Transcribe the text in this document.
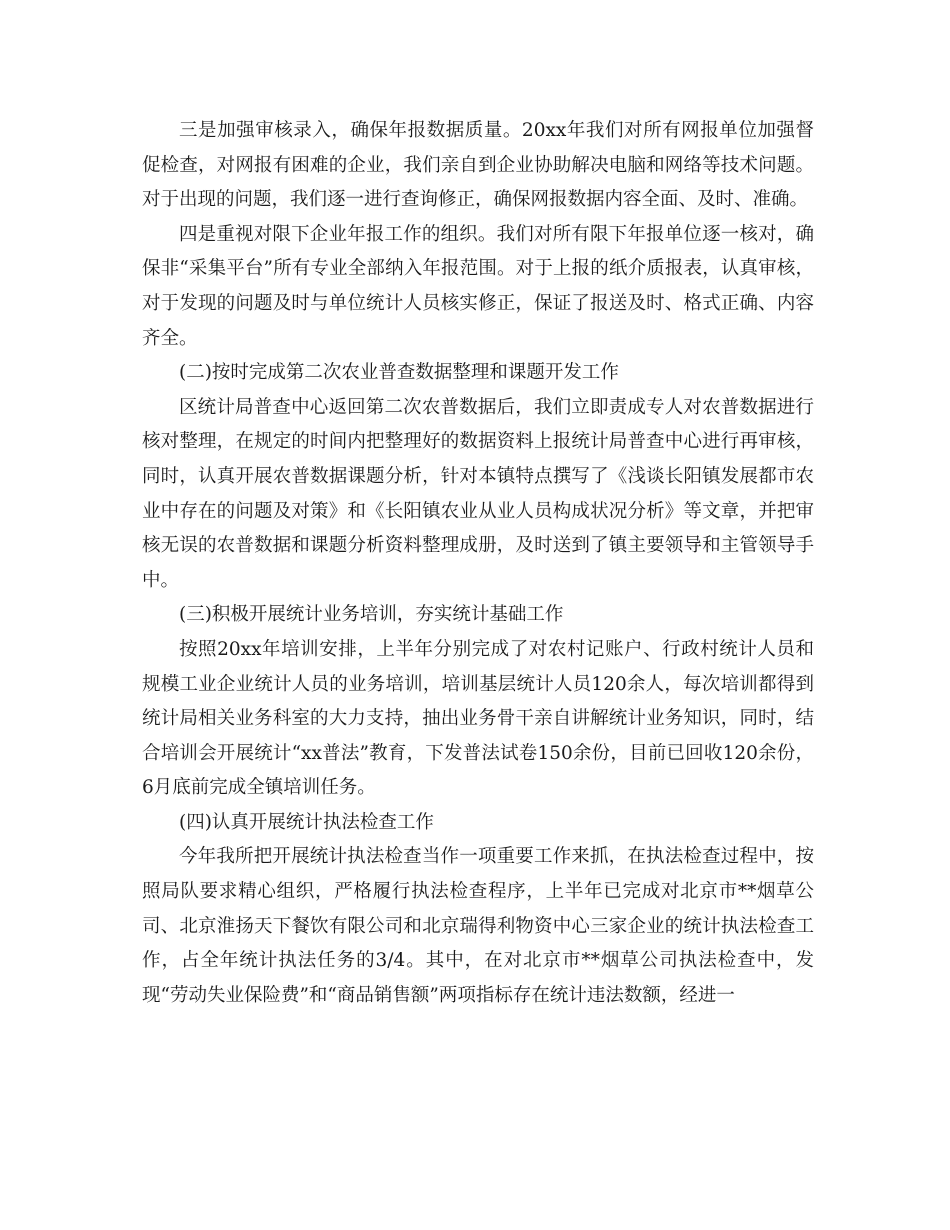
三是加强审核录入，确保年报数据质量。20xx年我们对所有网报单位加强督促检查，对网报有困难的企业，我们亲自到企业协助解决电脑和网络等技术问题。对于出现的问题，我们逐一进行查询修正，确保网报数据内容全面、及时、准确。

四是重视对限下企业年报工作的组织。我们对所有限下年报单位逐一核对，确保非“采集平台”所有专业全部纳入年报范围。对于上报的纸介质报表，认真审核，对于发现的问题及时与单位统计人员核实修正，保证了报送及时、格式正确、内容齐全。

(二)按时完成第二次农业普查数据整理和课题开发工作

区统计局普查中心返回第二次农普数据后，我们立即责成专人对农普数据进行核对整理，在规定的时间内把整理好的数据资料上报统计局普查中心进行再审核，同时，认真开展农普数据课题分析，针对本镇特点撰写了《浅谈长阳镇发展都市农业中存在的问题及对策》和《长阳镇农业从业人员构成状况分析》等文章，并把审核无误的农普数据和课题分析资料整理成册，及时送到了镇主要领导和主管领导手中。

(三)积极开展统计业务培训，夯实统计基础工作

按照20xx年培训安排，上半年分别完成了对农村记账户、行政村统计人员和规模工业企业统计人员的业务培训，培训基层统计人员120余人，每次培训都得到统计局相关业务科室的大力支持，抽出业务骨干亲自讲解统计业务知识，同时，结合培训会开展统计“xx普法”教育，下发普法试卷150余份，目前已回收120余份，6月底前完成全镇培训任务。

(四)认真开展统计执法检查工作

今年我所把开展统计执法检查当作一项重要工作来抓，在执法检查过程中，按照局队要求精心组织，严格履行执法检查程序，上半年已完成对北京市**烟草公司、北京淮扬天下餐饮有限公司和北京瑞得利物资中心三家企业的统计执法检查工作，占全年统计执法任务的3/4。其中，在对北京市**烟草公司执法检查中，发现“劳动失业保险费”和“商品销售额”两项指标存在统计违法数额，经进一
